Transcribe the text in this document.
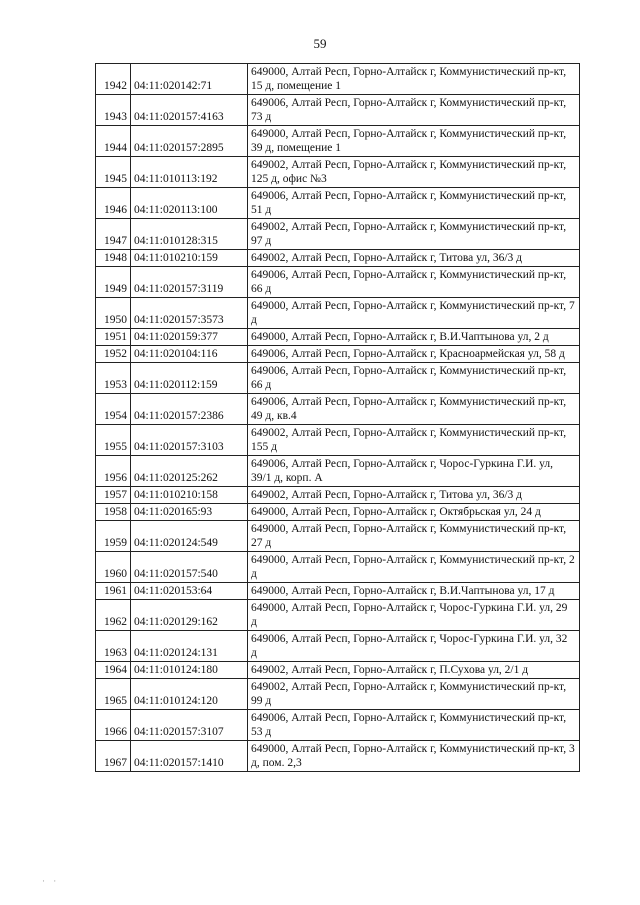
59
1942	04:11:020142:71	649000, Алтай Респ, Горно-Алтайск г, Коммунистический пр-кт, 15 д, помещение 1
1943	04:11:020157:4163	649006, Алтай Респ, Горно-Алтайск г, Коммунистический пр-кт, 73 д
1944	04:11:020157:2895	649000, Алтай Респ, Горно-Алтайск г, Коммунистический пр-кт, 39 д, помещение 1
1945	04:11:010113:192	649002, Алтай Респ, Горно-Алтайск г, Коммунистический пр-кт, 125 д, офис №3
1946	04:11:020113:100	649006, Алтай Респ, Горно-Алтайск г, Коммунистический пр-кт, 51 д
1947	04:11:010128:315	649002, Алтай Респ, Горно-Алтайск г, Коммунистический пр-кт, 97 д
1948	04:11:010210:159	649002, Алтай Респ, Горно-Алтайск г, Титова ул, 36/3 д
1949	04:11:020157:3119	649006, Алтай Респ, Горно-Алтайск г, Коммунистический пр-кт, 66 д
1950	04:11:020157:3573	649000, Алтай Респ, Горно-Алтайск г, Коммунистический пр-кт, 7 д
1951	04:11:020159:377	649000, Алтай Респ, Горно-Алтайск г, В.И.Чаптынова ул, 2 д
1952	04:11:020104:116	649006, Алтай Респ, Горно-Алтайск г, Красноармейская ул, 58 д
1953	04:11:020112:159	649006, Алтай Респ, Горно-Алтайск г, Коммунистический пр-кт, 66 д
1954	04:11:020157:2386	649006, Алтай Респ, Горно-Алтайск г, Коммунистический пр-кт, 49 д, кв.4
1955	04:11:020157:3103	649002, Алтай Респ, Горно-Алтайск г, Коммунистический пр-кт, 155 д
1956	04:11:020125:262	649006, Алтай Респ, Горно-Алтайск г, Чорос-Гуркина Г.И. ул, 39/1 д, корп. А
1957	04:11:010210:158	649002, Алтай Респ, Горно-Алтайск г, Титова ул, 36/3 д
1958	04:11:020165:93	649000, Алтай Респ, Горно-Алтайск г, Октябрьская ул, 24 д
1959	04:11:020124:549	649000, Алтай Респ, Горно-Алтайск г, Коммунистический пр-кт, 27 д
1960	04:11:020157:540	649000, Алтай Респ, Горно-Алтайск г, Коммунистический пр-кт, 2 д
1961	04:11:020153:64	649000, Алтай Респ, Горно-Алтайск г, В.И.Чаптынова ул, 17 д
1962	04:11:020129:162	649000, Алтай Респ, Горно-Алтайск г, Чорос-Гуркина Г.И. ул, 29 д
1963	04:11:020124:131	649006, Алтай Респ, Горно-Алтайск г, Чорос-Гуркина Г.И. ул, 32 д
1964	04:11:010124:180	649002, Алтай Респ, Горно-Алтайск г, П.Сухова ул, 2/1 д
1965	04:11:010124:120	649002, Алтай Респ, Горно-Алтайск г, Коммунистический пр-кт, 99 д
1966	04:11:020157:3107	649006, Алтай Респ, Горно-Алтайск г, Коммунистический пр-кт, 53 д
1967	04:11:020157:1410	649000, Алтай Респ, Горно-Алтайск г, Коммунистический пр-кт, 3 д, пом. 2,3
· ·
